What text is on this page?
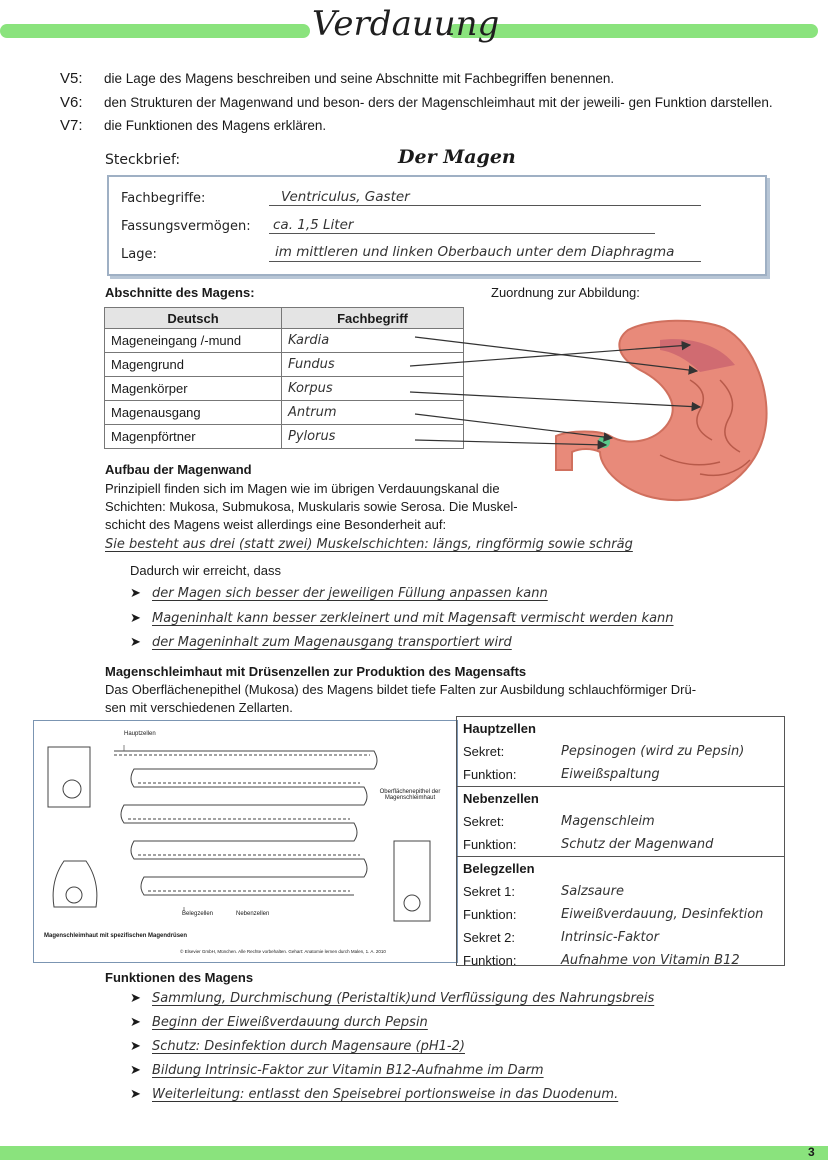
Verdauung
V5: die Lage des Magens beschreiben und seine Abschnitte mit Fachbegriffen benennen.
V6: den Strukturen der Magenwand und beson- ders der Magenschleimhaut mit der jeweili- gen Funktion darstellen.
V7: die Funktionen des Magens erklären.
Steckbrief:	Der Magen
Fachbegriffe:	Ventriculus, Gaster
Fassungsvermögen: ca. 1,5 Liter
Lage:	im mittleren und linken Oberbauch unter dem Diaphragma
Abschnitte des Magens:	Zuordnung zur Abbildung:
Deutsch	Fachbegriff
Mageneingang /-mund	Kardia
Magengrund	Fundus
Magenkörper	Korpus
Magenausgang	Antrum
Magenpförtner	Pylorus
Aufbau der Magenwand
Prinzipiell finden sich im Magen wie im übrigen Verdauungskanal die
Schichten: Mukosa, Submukosa, Muskularis sowie Serosa. Die Muskel-
schicht des Magens weist allerdings eine Besonderheit auf:
Sie besteht aus drei (statt zwei) Muskelschichten: längs, ringförmig sowie schräg
Dadurch wir erreicht, dass
➤ der Magen sich besser der jeweiligen Füllung anpassen kann
➤ Mageninhalt kann besser zerkleinert und mit Magensaft vermischt werden kann
➤ der Mageninhalt zum Magenausgang transportiert wird
Magenschleimhaut mit Drüsenzellen zur Produktion des Magensafts
Das Oberflächenepithel (Mukosa) des Magens bildet tiefe Falten zur Ausbildung schlauchförmiger Drü-
sen mit verschiedenen Zellarten.
Hauptzellen
Oberflächenepithel der Magenschleimhaut
Belegzellen	Nebenzellen
Magenschleimhaut mit spezifischen Magendrüsen
© Elsevier GmbH, München. Alle Rechte vorbehalten. Gehart: Anatomie lernen durch Malen, 1. A. 2010
Hauptzellen	
Sekret:	Pepsinogen (wird zu Pepsin)
Funktion:	Eiweißspaltung
Nebenzellen	
Sekret:	Magenschleim
Funktion:	Schutz der Magenwand
Belegzellen	
Sekret 1:	Salzsaure
Funktion:	Eiweißverdauung, Desinfektion
Sekret 2:	Intrinsic-Faktor
Funktion:	Aufnahme von Vitamin B12
Funktionen des Magens
➤ Sammlung, Durchmischung (Peristaltik)und Verflüssigung des Nahrungsbreis
➤ Beginn der Eiweißverdauung durch Pepsin
➤ Schutz: Desinfektion durch Magensaure (pH1-2)
➤ Bildung Intrinsic-Faktor zur Vitamin B12-Aufnahme im Darm
➤ Weiterleitung: entlasst den Speisebrei portionsweise in das Duodenum.
3
